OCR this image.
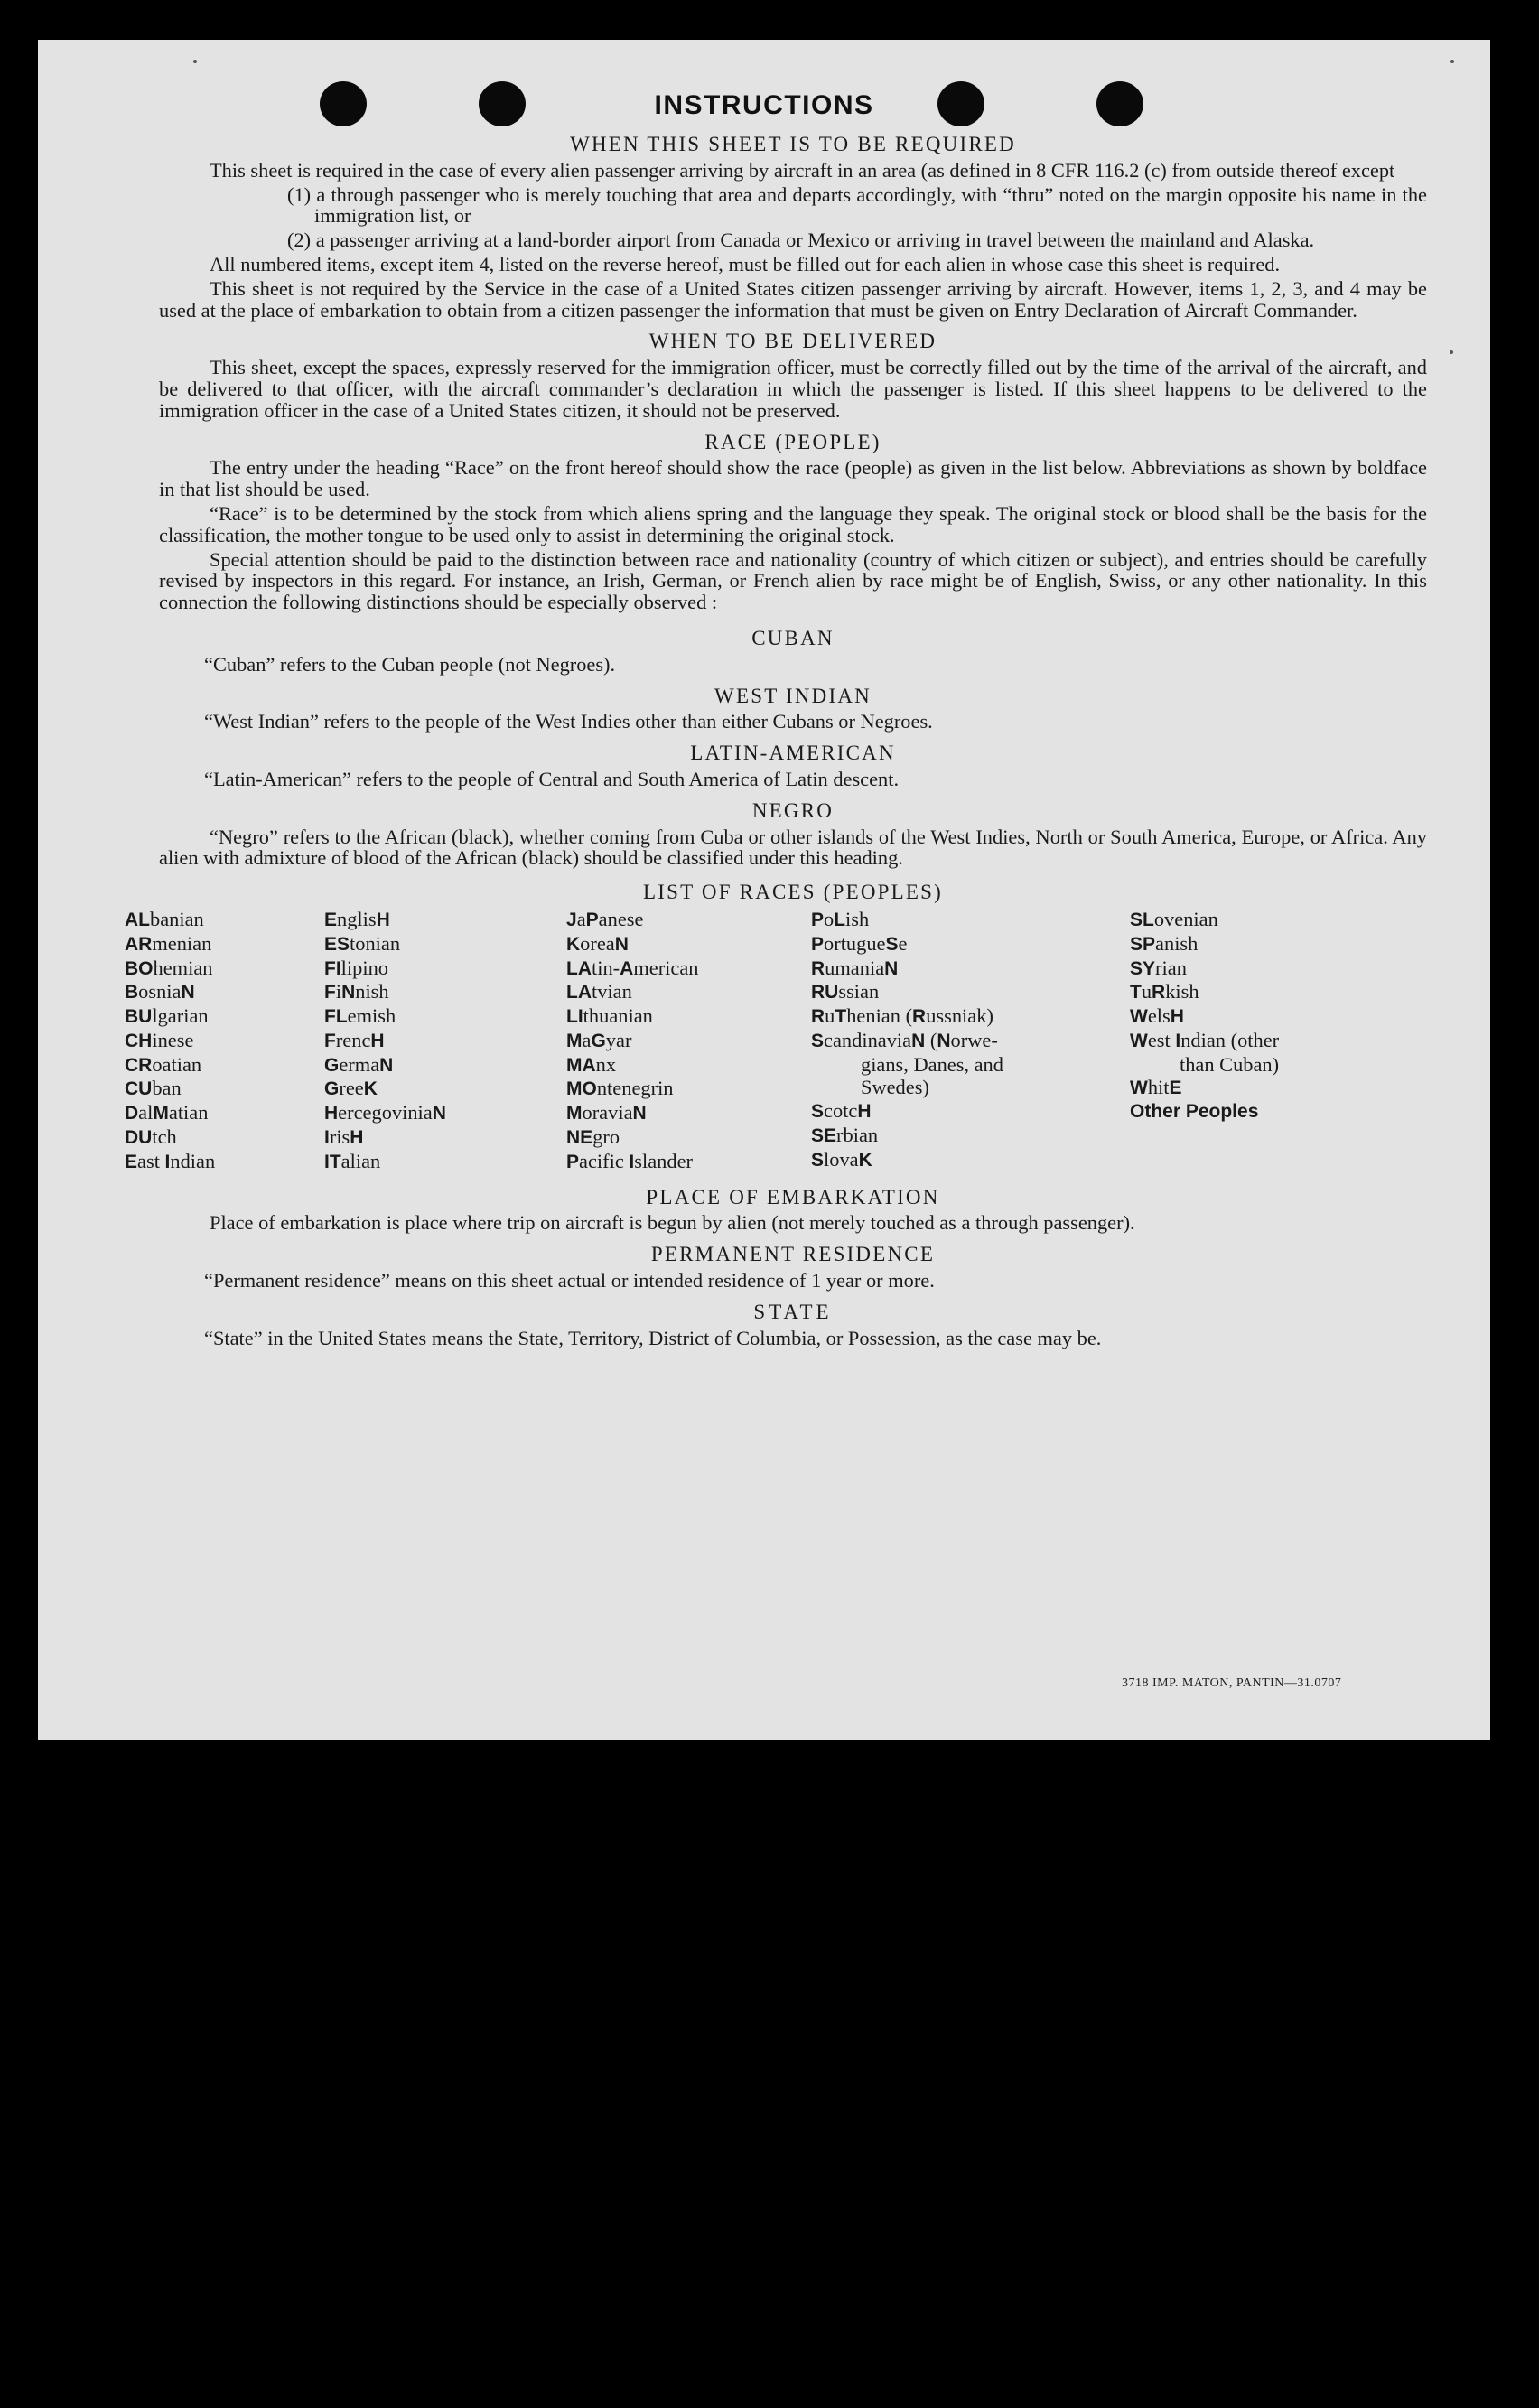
INSTRUCTIONS
WHEN THIS SHEET IS TO BE REQUIRED
This sheet is required in the case of every alien passenger arriving by aircraft in an area (as defined in 8 CFR 116.2 (c) from outside thereof except
(1) a through passenger who is merely touching that area and departs accordingly, with “thru” noted on the margin opposite his name in the immigration list, or
(2) a passenger arriving at a land-border airport from Canada or Mexico or arriving in travel between the mainland and Alaska.
All numbered items, except item 4, listed on the reverse hereof, must be filled out for each alien in whose case this sheet is required.
This sheet is not required by the Service in the case of a United States citizen passenger arriving by aircraft. However, items 1, 2, 3, and 4 may be used at the place of embarkation to obtain from a citizen passenger the information that must be given on Entry Declaration of Aircraft Commander.
WHEN TO BE DELIVERED
This sheet, except the spaces, expressly reserved for the immigration officer, must be correctly filled out by the time of the arrival of the aircraft, and be delivered to that officer, with the aircraft commander’s declaration in which the passenger is listed. If this sheet happens to be delivered to the immigration officer in the case of a United States citizen, it should not be preserved.
RACE (PEOPLE)
The entry under the heading “Race” on the front hereof should show the race (people) as given in the list below. Abbreviations as shown by boldface in that list should be used.
“Race” is to be determined by the stock from which aliens spring and the language they speak. The original stock or blood shall be the basis for the classification, the mother tongue to be used only to assist in determining the original stock.
Special attention should be paid to the distinction between race and nationality (country of which citizen or subject), and entries should be carefully revised by inspectors in this regard. For instance, an Irish, German, or French alien by race might be of English, Swiss, or any other nationality. In this connection the following distinctions should be especially observed :
CUBAN
“Cuban” refers to the Cuban people (not Negroes).
WEST INDIAN
“West Indian” refers to the people of the West Indies other than either Cubans or Negroes.
LATIN-AMERICAN
“Latin-American” refers to the people of Central and South America of Latin descent.
NEGRO
“Negro” refers to the African (black), whether coming from Cuba or other islands of the West Indies, North or South America, Europe, or Africa. Any alien with admixture of blood of the African (black) should be classified under this heading.
LIST OF RACES (PEOPLES)
ALbanian
ARmenian
BOhemian
BosniaN
BUlgarian
CHinese
CRoatian
CUban
DalMatian
DUtch
East Indian
EnglisH
EStonian
FIlipino
FiNnish
FLemish
FrencH
GermaN
GreeK
HercegoviniaN
IrisH
ITalian
JaPanese
KoreaN
LAtin-American
LAtvian
LIthuanian
MaGyar
MAnx
MOntenegrin
MoraviaN
NEgro
Pacific Islander
PoLish
PortugueSe
RumaniaN
RUssian
RuThenian (Russniak)
ScandinaviaN (Norwe-
gians, Danes, and
Swedes)
ScotcH
SErbian
SlovaK
SLovenian
SPanish
SYrian
TuRkish
WelsH
West Indian (other
than Cuban)
WhitE
Other Peoples
PLACE OF EMBARKATION
Place of embarkation is place where trip on aircraft is begun by alien (not merely touched as a through passenger).
PERMANENT RESIDENCE
“Permanent residence” means on this sheet actual or intended residence of 1 year or more.
STATE
“State” in the United States means the State, Territory, District of Columbia, or Possession, as the case may be.
3718 IMP. MATON, PANTIN—31.0707
